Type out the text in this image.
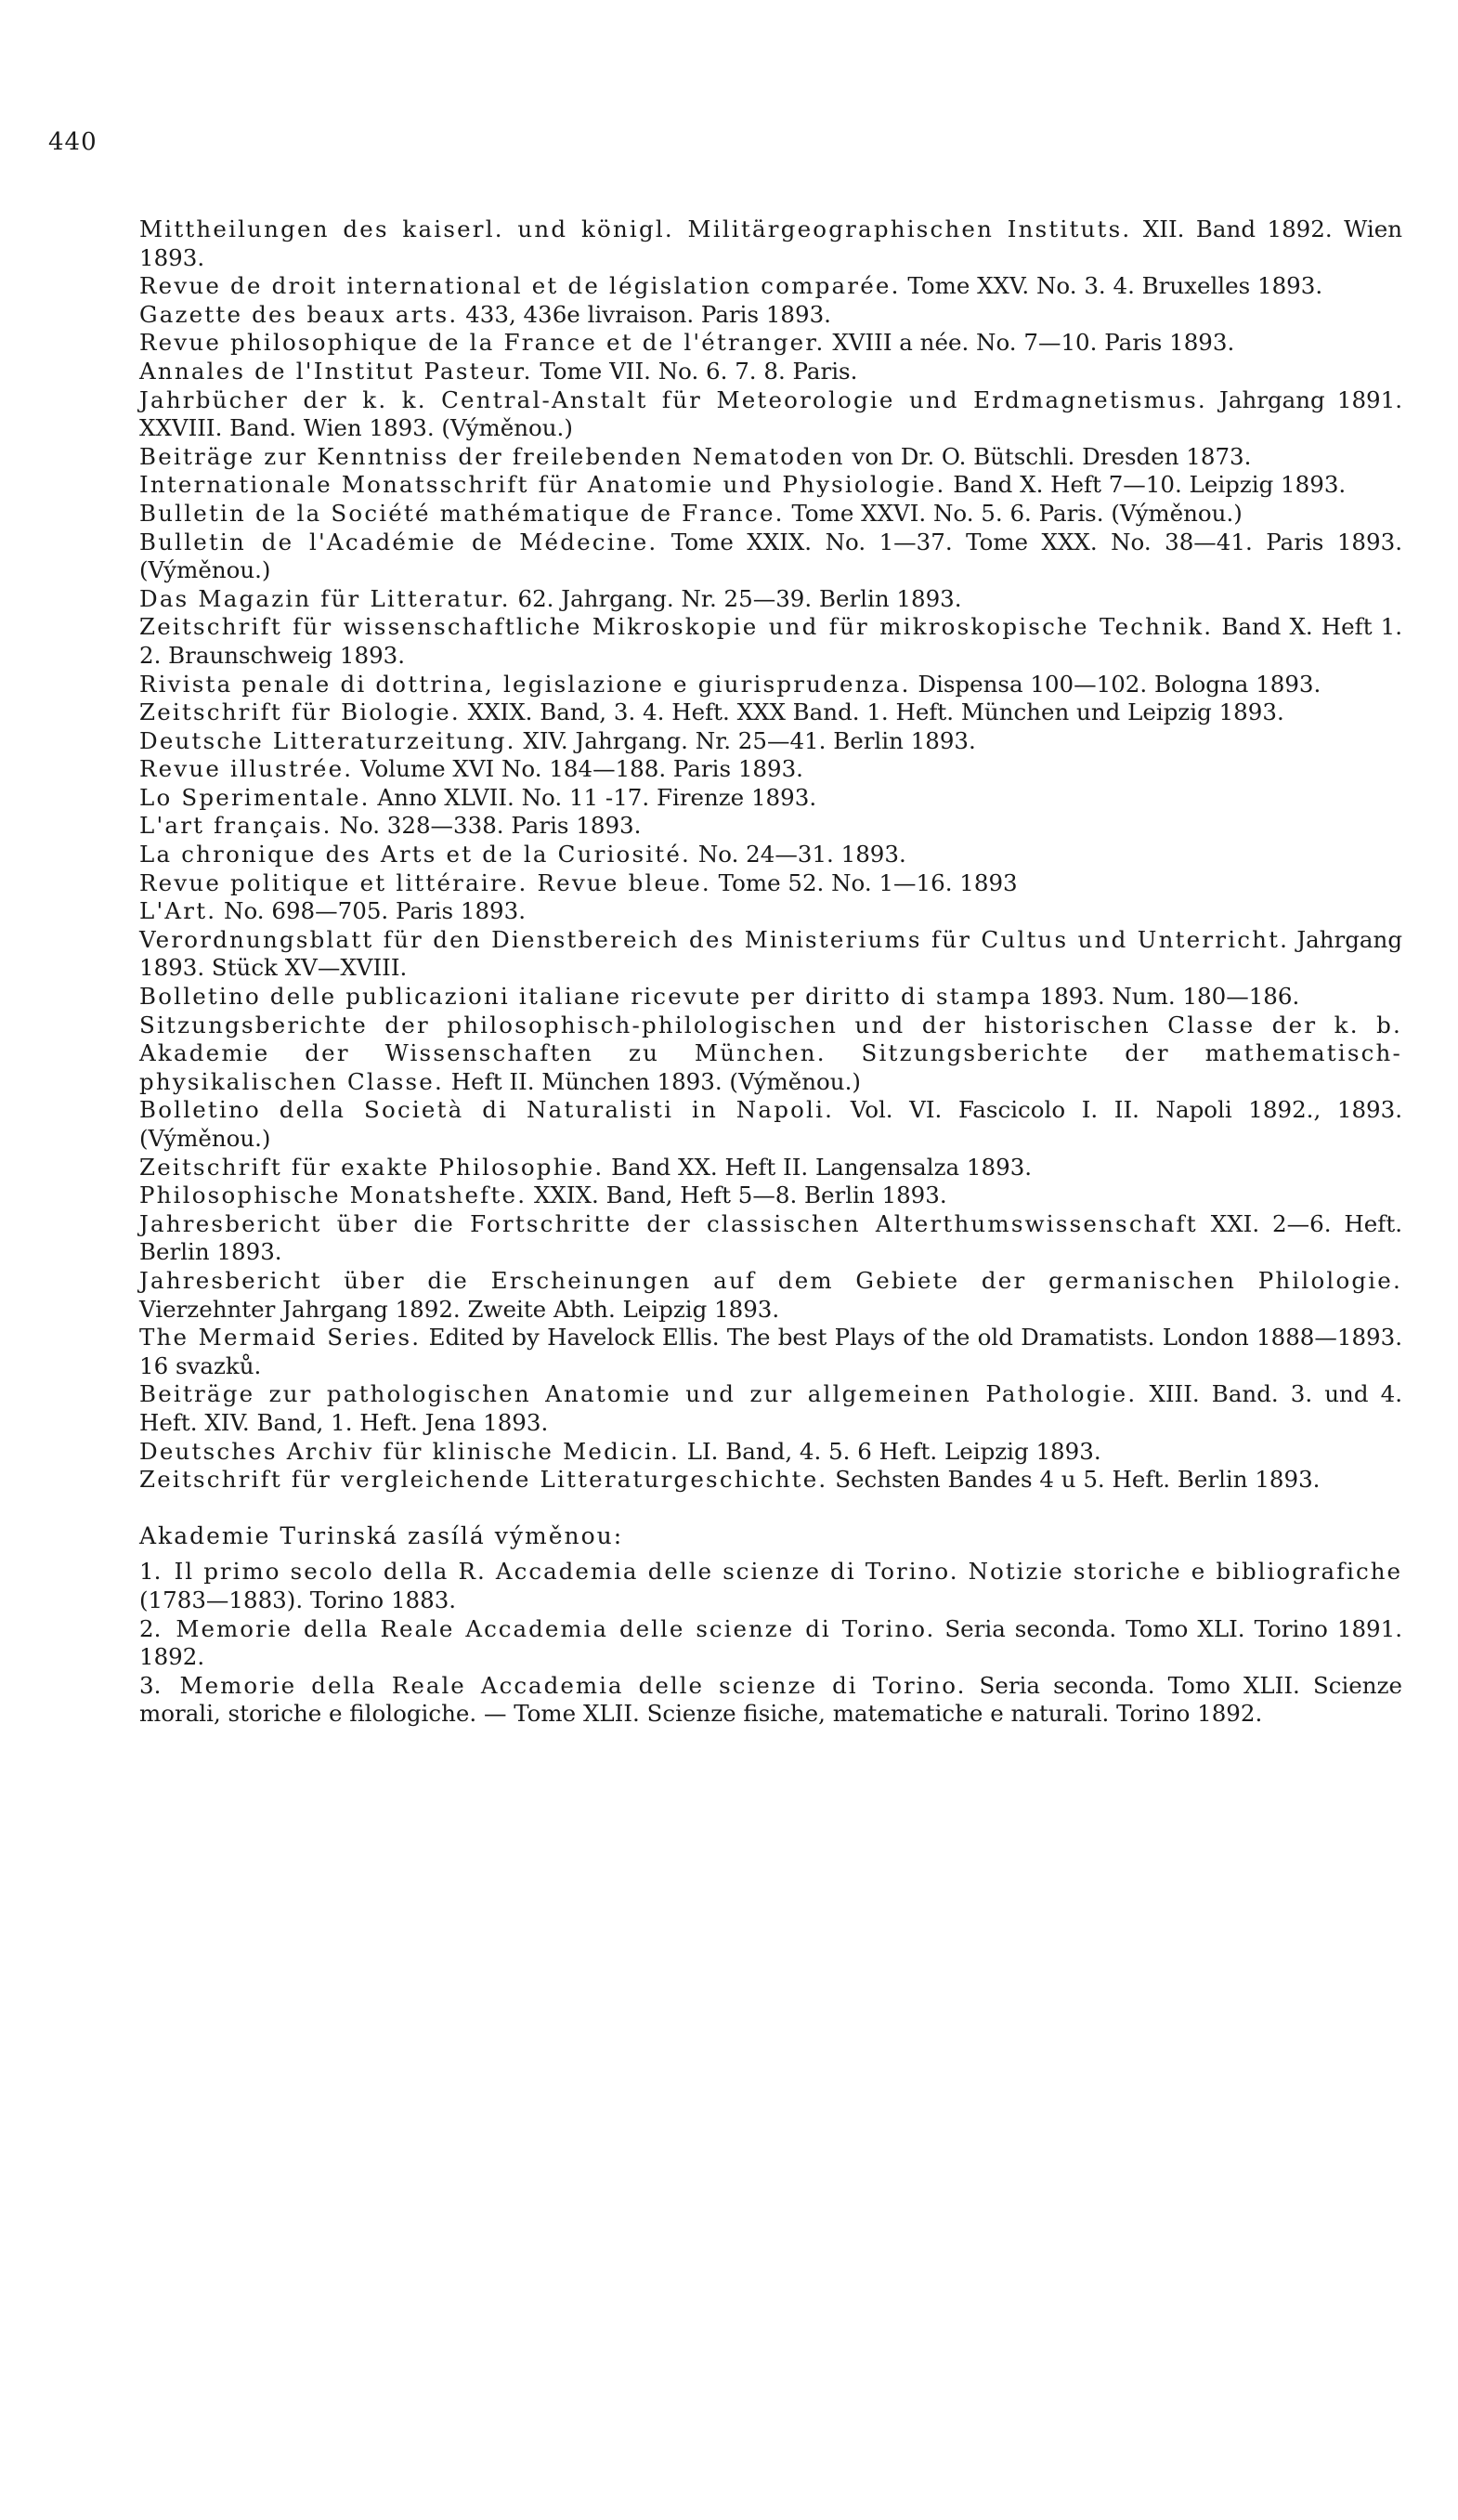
440

Mittheilungen des kaiserl. und königl. Militärgeographischen Instituts. XII. Band 1892. Wien 1893.

Revue de droit international et de législation comparée. Tome XXV. No. 3. 4. Bruxelles 1893.

Gazette des beaux arts. 433, 436e livraison. Paris 1893.

Revue philosophique de la France et de l'étranger. XVIII a née. No. 7—10. Paris 1893.

Annales de l'Institut Pasteur. Tome VII. No. 6. 7. 8. Paris.

Jahrbücher der k. k. Central-Anstalt für Meteorologie und Erdmagnetismus. Jahrgang 1891. XXVIII. Band. Wien 1893. (Výměnou.)

Beiträge zur Kenntniss der freilebenden Nematoden von Dr. O. Bütschli. Dresden 1873.

Internationale Monatsschrift für Anatomie und Physiologie. Band X. Heft 7—10. Leipzig 1893.

Bulletin de la Société mathématique de France. Tome XXVI. No. 5. 6. Paris. (Výměnou.)

Bulletin de l'Académie de Médecine. Tome XXIX. No. 1—37. Tome XXX. No. 38—41. Paris 1893. (Výměnou.)

Das Magazin für Litteratur. 62. Jahrgang. Nr. 25—39. Berlin 1893.

Zeitschrift für wissenschaftliche Mikroskopie und für mikroskopische Technik. Band X. Heft 1. 2. Braunschweig 1893.

Rivista penale di dottrina, legislazione e giurisprudenza. Dispensa 100—102. Bologna 1893.

Zeitschrift für Biologie. XXIX. Band, 3. 4. Heft. XXX Band. 1. Heft. München und Leipzig 1893.

Deutsche Litteraturzeitung. XIV. Jahrgang. Nr. 25—41. Berlin 1893.

Revue illustrée. Volume XVI No. 184—188. Paris 1893.

Lo Sperimentale. Anno XLVII. No. 11 -17. Firenze 1893.

L'art français. No. 328—338. Paris 1893.

La chronique des Arts et de la Curiosité. No. 24—31. 1893.

Revue politique et littéraire. Revue bleue. Tome 52. No. 1—16. 1893

L'Art. No. 698—705. Paris 1893.

Verordnungsblatt für den Dienstbereich des Ministeriums für Cultus und Unterricht. Jahrgang 1893. Stück XV—XVIII.

Bolletino delle publicazioni italiane ricevute per diritto di stampa 1893. Num. 180—186.

Sitzungsberichte der philosophisch-philologischen und der historischen Classe der k. b. Akademie der Wissenschaften zu München. Sitzungsberichte der mathematisch-physikalischen Classe. Heft II. München 1893. (Výměnou.)

Bolletino della Società di Naturalisti in Napoli. Vol. VI. Fascicolo I. II. Napoli 1892., 1893. (Výměnou.)

Zeitschrift für exakte Philosophie. Band XX. Heft II. Langensalza 1893.

Philosophische Monatshefte. XXIX. Band, Heft 5—8. Berlin 1893.

Jahresbericht über die Fortschritte der classischen Alterthumswissenschaft XXI. 2—6. Heft. Berlin 1893.

Jahresbericht über die Erscheinungen auf dem Gebiete der germanischen Philologie. Vierzehnter Jahrgang 1892. Zweite Abth. Leipzig 1893.

The Mermaid Series. Edited by Havelock Ellis. The best Plays of the old Dramatists. London 1888—1893. 16 svazků.

Beiträge zur pathologischen Anatomie und zur allgemeinen Pathologie. XIII. Band. 3. und 4. Heft. XIV. Band, 1. Heft. Jena 1893.

Deutsches Archiv für klinische Medicin. LI. Band, 4. 5. 6 Heft. Leipzig 1893.

Zeitschrift für vergleichende Litteraturgeschichte. Sechsten Bandes 4 u 5. Heft. Berlin 1893.

Akademie Turinská zasílá výměnou:

1. Il primo secolo della R. Accademia delle scienze di Torino. Notizie storiche e bibliografiche (1783—1883). Torino 1883.

2. Memorie della Reale Accademia delle scienze di Torino. Seria seconda. Tomo XLI. Torino 1891. 1892.

3. Memorie della Reale Accademia delle scienze di Torino. Seria seconda. Tomo XLII. Scienze morali, storiche e filologiche. — Tome XLII. Scienze fisiche, matematiche e naturali. Torino 1892.
